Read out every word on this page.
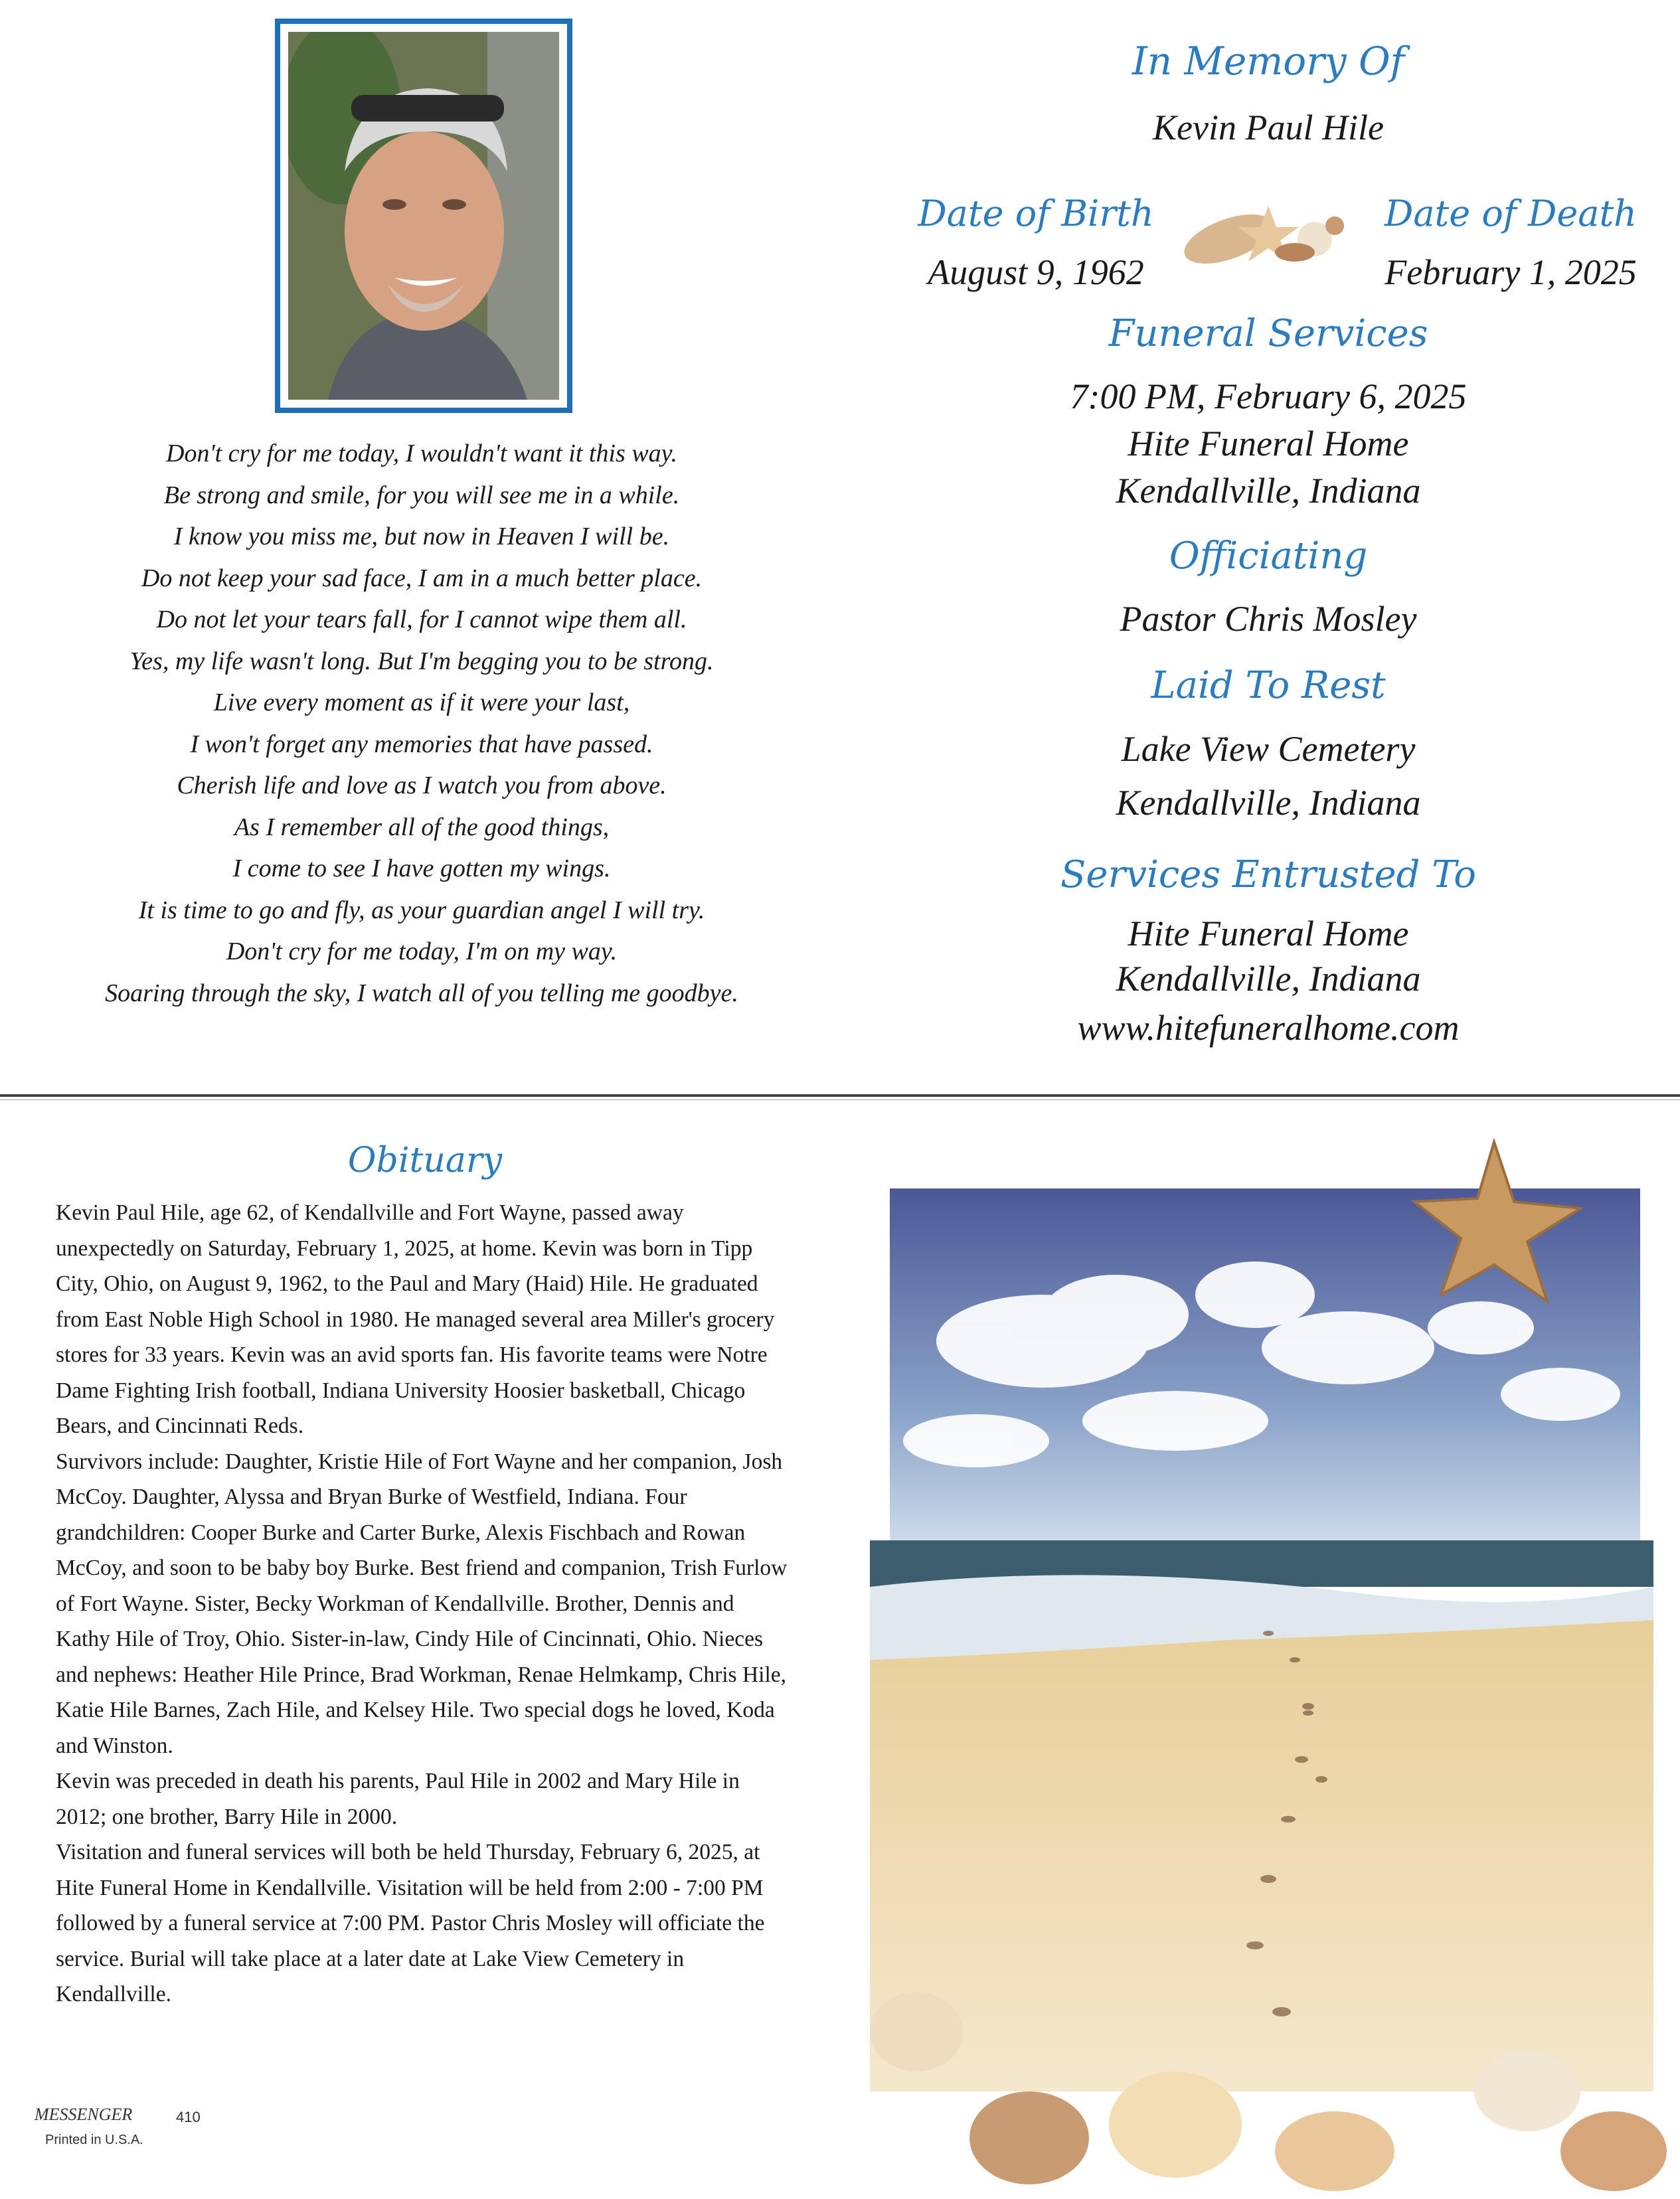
Don't cry for me today, I wouldn't want it this way.
Be strong and smile, for you will see me in a while.
I know you miss me, but now in Heaven I will be.
Do not keep your sad face, I am in a much better place.
Do not let your tears fall, for I cannot wipe them all.
Yes, my life wasn't long. But I'm begging you to be strong.
Live every moment as if it were your last,
I won't forget any memories that have passed.
Cherish life and love as I watch you from above.
As I remember all of the good things,
I come to see I have gotten my wings.
It is time to go and fly, as your guardian angel I will try.
Don't cry for me today, I'm on my way.
Soaring through the sky, I watch all of you telling me goodbye.
In Memory Of
Kevin Paul Hile
Date of Birth
August 9, 1962
Date of Death
February 1, 2025
Funeral Services
7:00 PM, February 6, 2025
Hite Funeral Home
Kendallville, Indiana
Officiating
Pastor Chris Mosley
Laid To Rest
Lake View Cemetery
Kendallville, Indiana
Services Entrusted To
Hite Funeral Home
Kendallville, Indiana
www.hitefuneralhome.com
Obituary

Kevin Paul Hile, age 62, of Kendallville and Fort Wayne, passed away unexpectedly on Saturday, February 1, 2025, at home. Kevin was born in Tipp City, Ohio, on August 9, 1962, to the Paul and Mary (Haid) Hile. He graduated from East Noble High School in 1980. He managed several area Miller's grocery stores for 33 years. Kevin was an avid sports fan. His favorite teams were Notre Dame Fighting Irish football, Indiana University Hoosier basketball, Chicago Bears, and Cincinnati Reds.

Survivors include: Daughter, Kristie Hile of Fort Wayne and her companion, Josh McCoy. Daughter, Alyssa and Bryan Burke of Westfield, Indiana. Four grandchildren: Cooper Burke and Carter Burke, Alexis Fischbach and Rowan McCoy, and soon to be baby boy Burke. Best friend and companion, Trish Furlow of Fort Wayne. Sister, Becky Workman of Kendallville. Brother, Dennis and Kathy Hile of Troy, Ohio. Sister-in-law, Cindy Hile of Cincinnati, Ohio. Nieces and nephews: Heather Hile Prince, Brad Workman, Renae Helmkamp, Chris Hile, Katie Hile Barnes, Zach Hile, and Kelsey Hile. Two special dogs he loved, Koda and Winston.

Kevin was preceded in death his parents, Paul Hile in 2002 and Mary Hile in 2012; one brother, Barry Hile in 2000.

Visitation and funeral services will both be held Thursday, February 6, 2025, at Hite Funeral Home in Kendallville. Visitation will be held from 2:00 - 7:00 PM followed by a funeral service at 7:00 PM. Pastor Chris Mosley will officiate the service. Burial will take place at a later date at Lake View Cemetery in Kendallville.

MESSENGER	410
Printed in U.S.A.
